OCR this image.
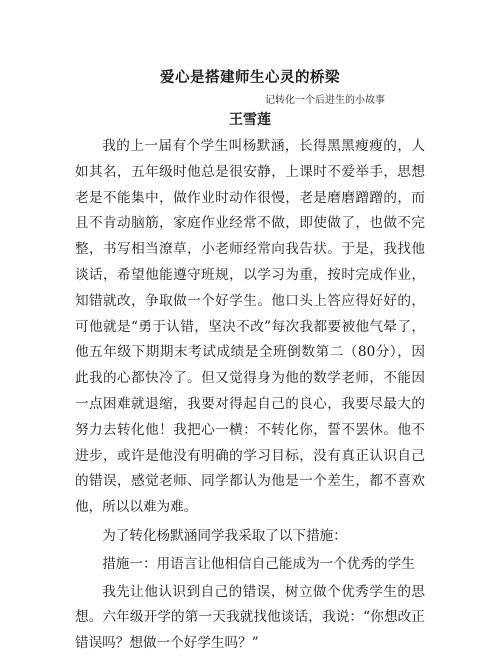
爱心是搭建师生心灵的桥梁
记转化一个后进生的小故事
王雪莲

我的上一届有个学生叫杨默涵，长得黑黑瘦瘦的，人如其名，五年级时他总是很安静，上课时不爱举手，思想老是不能集中，做作业时动作很慢，老是磨磨蹭蹭的，而且不肯动脑筋，家庭作业经常不做，即使做了，也做不完整，书写相当潦草，小老师经常向我告状。于是，我找他谈话，希望他能遵守班规，以学习为重，按时完成作业，知错就改，争取做一个好学生。他口头上答应得好好的，可他就是“勇于认错，坚决不改”每次我都要被他气晕了，他五年级下期期末考试成绩是全班倒数第二（80分），因此我的心都快冷了。但又觉得身为他的数学老师，不能因一点困难就退缩，我要对得起自己的良心，我要尽最大的努力去转化他！我把心一横：不转化你，誓不罢休。他不进步，或许是他没有明确的学习目标，没有真正认识自己的错误，感觉老师、同学都认为他是一个差生，都不喜欢他，所以以难为难。

为了转化杨默涵同学我采取了以下措施：

措施一：用语言让他相信自己能成为一个优秀的学生

我先让他认识到自己的错误，树立做个优秀学生的思想。六年级开学的第一天我就找他谈话，我说：“你想改正错误吗？想做一个好学生吗？”
